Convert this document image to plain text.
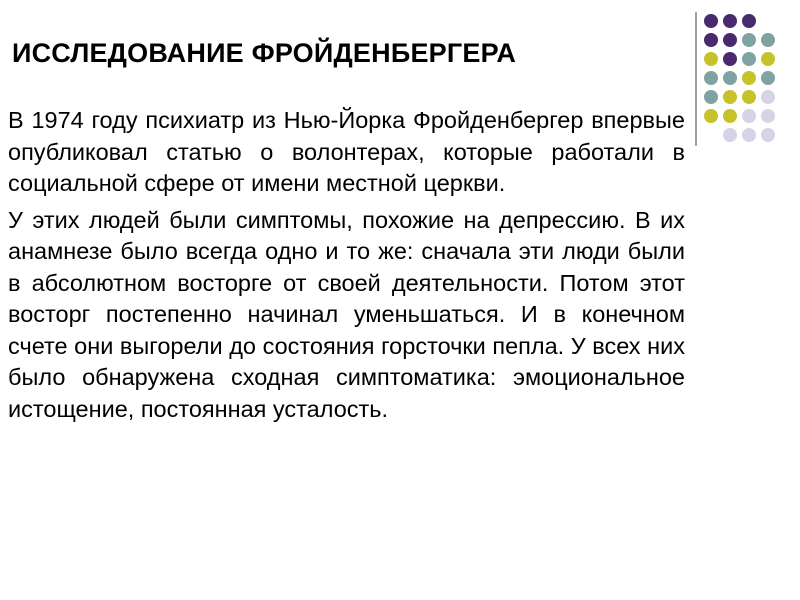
ИССЛЕДОВАНИЕ ФРОЙДЕНБЕРГЕРА

В 1974 году психиатр из Нью-Йорка Фройденбергер впервые опубликовал статью о волонтерах, которые работали в социальной сфере от имени местной церкви.

У этих людей были симптомы, похожие на депрессию. В их анамнезе было всегда одно и то же: сначала эти люди были в абсолютном восторге от своей деятельности. Потом этот восторг постепенно начинал уменьшаться. И в конечном счете они выгорели до состояния горсточки пепла. У всех них было обнаружена сходная симптоматика: эмоциональное истощение, постоянная усталость.
